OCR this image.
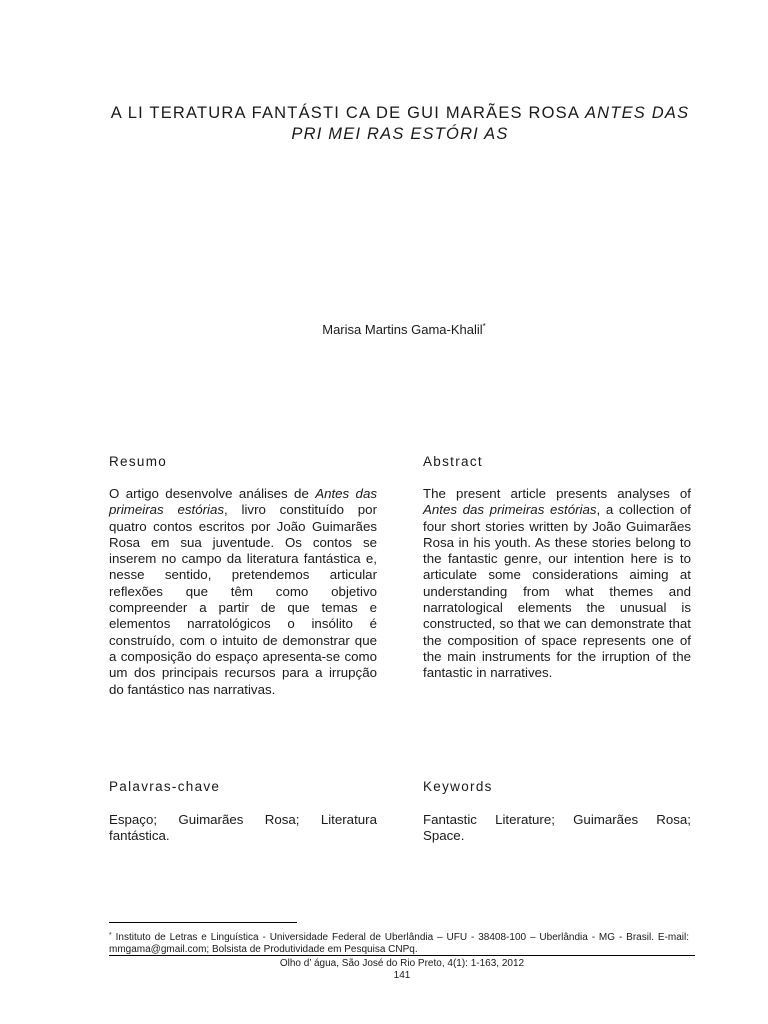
A LI TERATURA FANTÁSTI CA DE GUI MARÃES ROSA ANTES DAS PRI MEI RAS ESTÓRI AS
Marisa Martins Gama-Khalil*
Resumo	Abstract

O artigo desenvolve análises de Antes das primeiras estórias, livro constituído por quatro contos escritos por João Guimarães Rosa em sua juventude. Os contos se inserem no campo da literatura fantástica e, nesse sentido, pretendemos articular reflexões que têm como objetivo compreender a partir de que temas e elementos narratológicos o insólito é construído, com o intuito de demonstrar que a composição do espaço apresenta-se como um dos principais recursos para a irrupção do fantástico nas narrativas.

The present article presents analyses of Antes das primeiras estórias, a collection of four short stories written by João Guimarães Rosa in his youth. As these stories belong to the fantastic genre, our intention here is to articulate some considerations aiming at understanding from what themes and narratological elements the unusual is constructed, so that we can demonstrate that the composition of space represents one of the main instruments for the irruption of the fantastic in narratives.

Palavras-chave	Keywords

Espaço; Guimarães Rosa; Literatura fantástica.

Fantastic Literature; Guimarães Rosa; Space.

* Instituto de Letras e Linguística - Universidade Federal de Uberlândia – UFU - 38408-100 – Uberlândia - MG - Brasil. E-mail: mmgama@gmail.com; Bolsista de Produtividade em Pesquisa CNPq.
Olho d’ água, São José do Rio Preto, 4(1): 1-163, 2012
141
